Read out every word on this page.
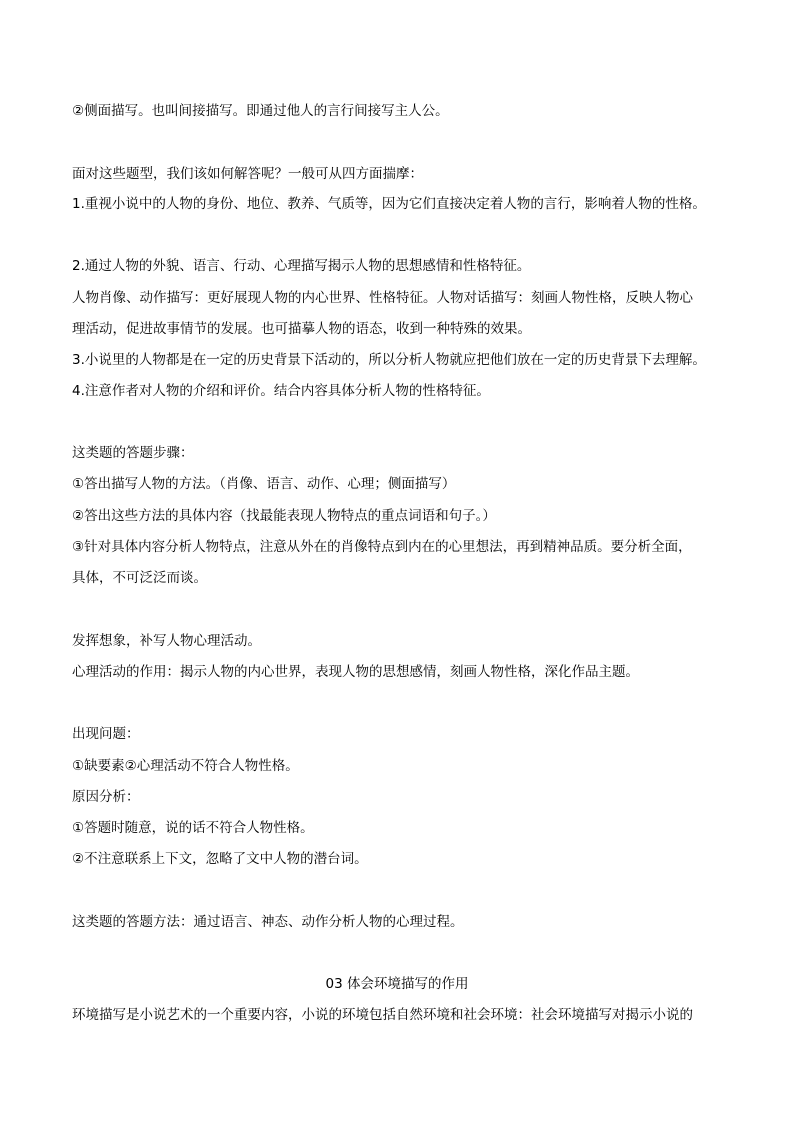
②侧面描写。也叫间接描写。即通过他人的言行间接写主人公。

面对这些题型，我们该如何解答呢？一般可从四方面揣摩：

1.重视小说中的人物的身份、地位、教养、气质等，因为它们直接决定着人物的言行，影响着人物的性格。

2.通过人物的外貌、语言、行动、心理描写揭示人物的思想感情和性格特征。

人物肖像、动作描写：更好展现人物的内心世界、性格特征。人物对话描写：刻画人物性格，反映人物心

理活动，促进故事情节的发展。也可描摹人物的语态，收到一种特殊的效果。

3.小说里的人物都是在一定的历史背景下活动的，所以分析人物就应把他们放在一定的历史背景下去理解。

4.注意作者对人物的介绍和评价。结合内容具体分析人物的性格特征。

这类题的答题步骤：

①答出描写人物的方法。（肖像、语言、动作、心理；侧面描写）

②答出这些方法的具体内容（找最能表现人物特点的重点词语和句子。）

③针对具体内容分析人物特点，注意从外在的肖像特点到内在的心里想法，再到精神品质。要分析全面，

具体，不可泛泛而谈。

发挥想象，补写人物心理活动。

心理活动的作用：揭示人物的内心世界，表现人物的思想感情，刻画人物性格，深化作品主题。

出现问题：

①缺要素②心理活动不符合人物性格。

原因分析：

①答题时随意，说的话不符合人物性格。

②不注意联系上下文，忽略了文中人物的潜台词。

这类题的答题方法：通过语言、神态、动作分析人物的心理过程。

03 体会环境描写的作用

环境描写是小说艺术的一个重要内容，小说的环境包括自然环境和社会环境：社会环境描写对揭示小说的
